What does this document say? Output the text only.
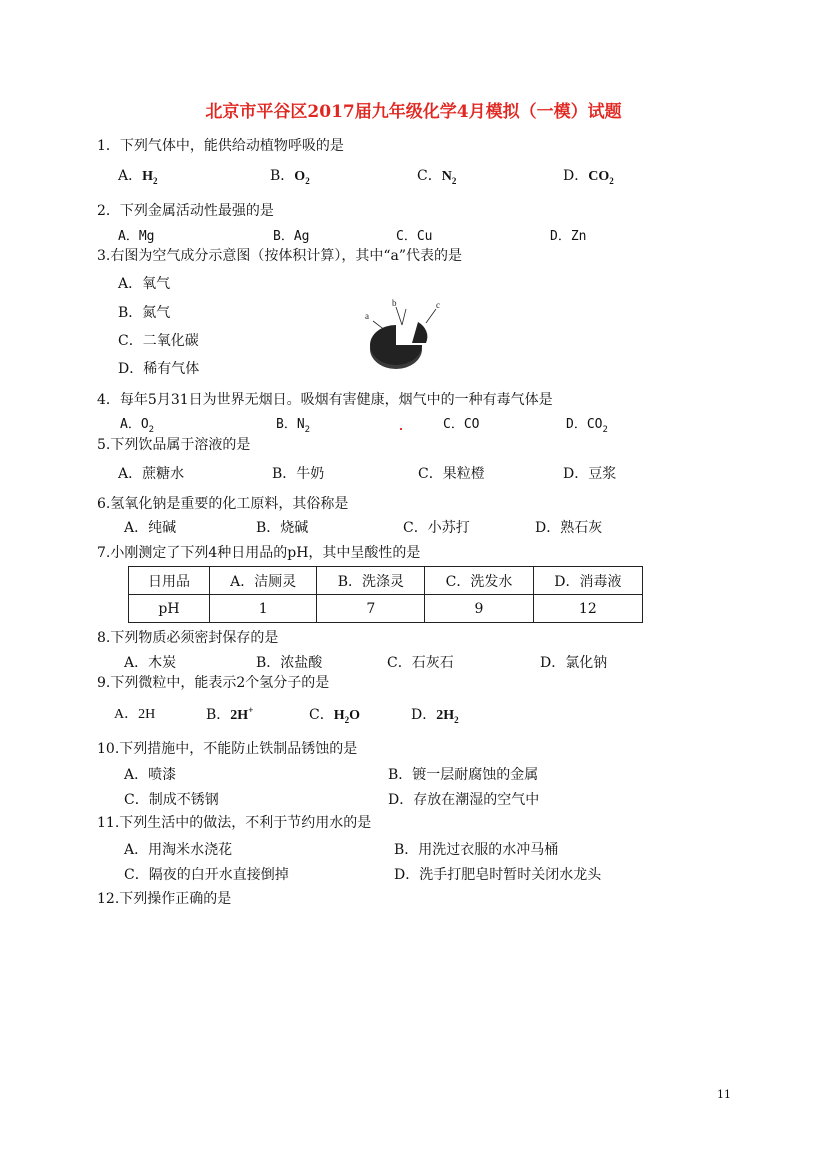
北京市平谷区2017届九年级化学4月模拟（一模）试题
1．下列气体中，能供给动植物呼吸的是
A．$H_2$	B．$O_2$	C．$N_2$	D．$CO_2$
2．下列金属活动性最强的是
A．Mg	B．Ag	C．Cu	D．Zn
3.右图为空气成分示意图（按体积计算），其中“a”代表的是
A．氧气
B．氮气
C．二氧化碳
D．稀有气体
a
b	c
4．每年5月31日为世界无烟日。吸烟有害健康，烟气中的一种有毒气体是
A．$O_2$	B．$N_2$	C．CO	D．$CO_2$
5.下列饮品属于溶液的是
A．蔗糖水	B．牛奶	C．果粒橙	D．豆浆
6.氢氧化钠是重要的化工原料，其俗称是
A．纯碱	B．烧碱	C．小苏打	D．熟石灰
7.小刚测定了下列4种日用品的pH，其中呈酸性的是
日用品	A．洁厕灵	B．洗涤灵	C．洗发水	D．消毒液
pH	1	7	9	12
8.下列物质必须密封保存的是
A．木炭	B．浓盐酸	C．石灰石	D．氯化钠
9.下列微粒中，能表示2个氢分子的是
A．2H	B．2H+	C．$H_2O$	D．$2H_2$
10.下列措施中，不能防止铁制品锈蚀的是
A．喷漆	B．镀一层耐腐蚀的金属
C．制成不锈钢	D．存放在潮湿的空气中
11.下列生活中的做法，不利于节约用水的是
A．用淘米水浇花	B．用洗过衣服的水冲马桶
C．隔夜的白开水直接倒掉	D．洗手打肥皂时暂时关闭水龙头
12.下列操作正确的是
11
